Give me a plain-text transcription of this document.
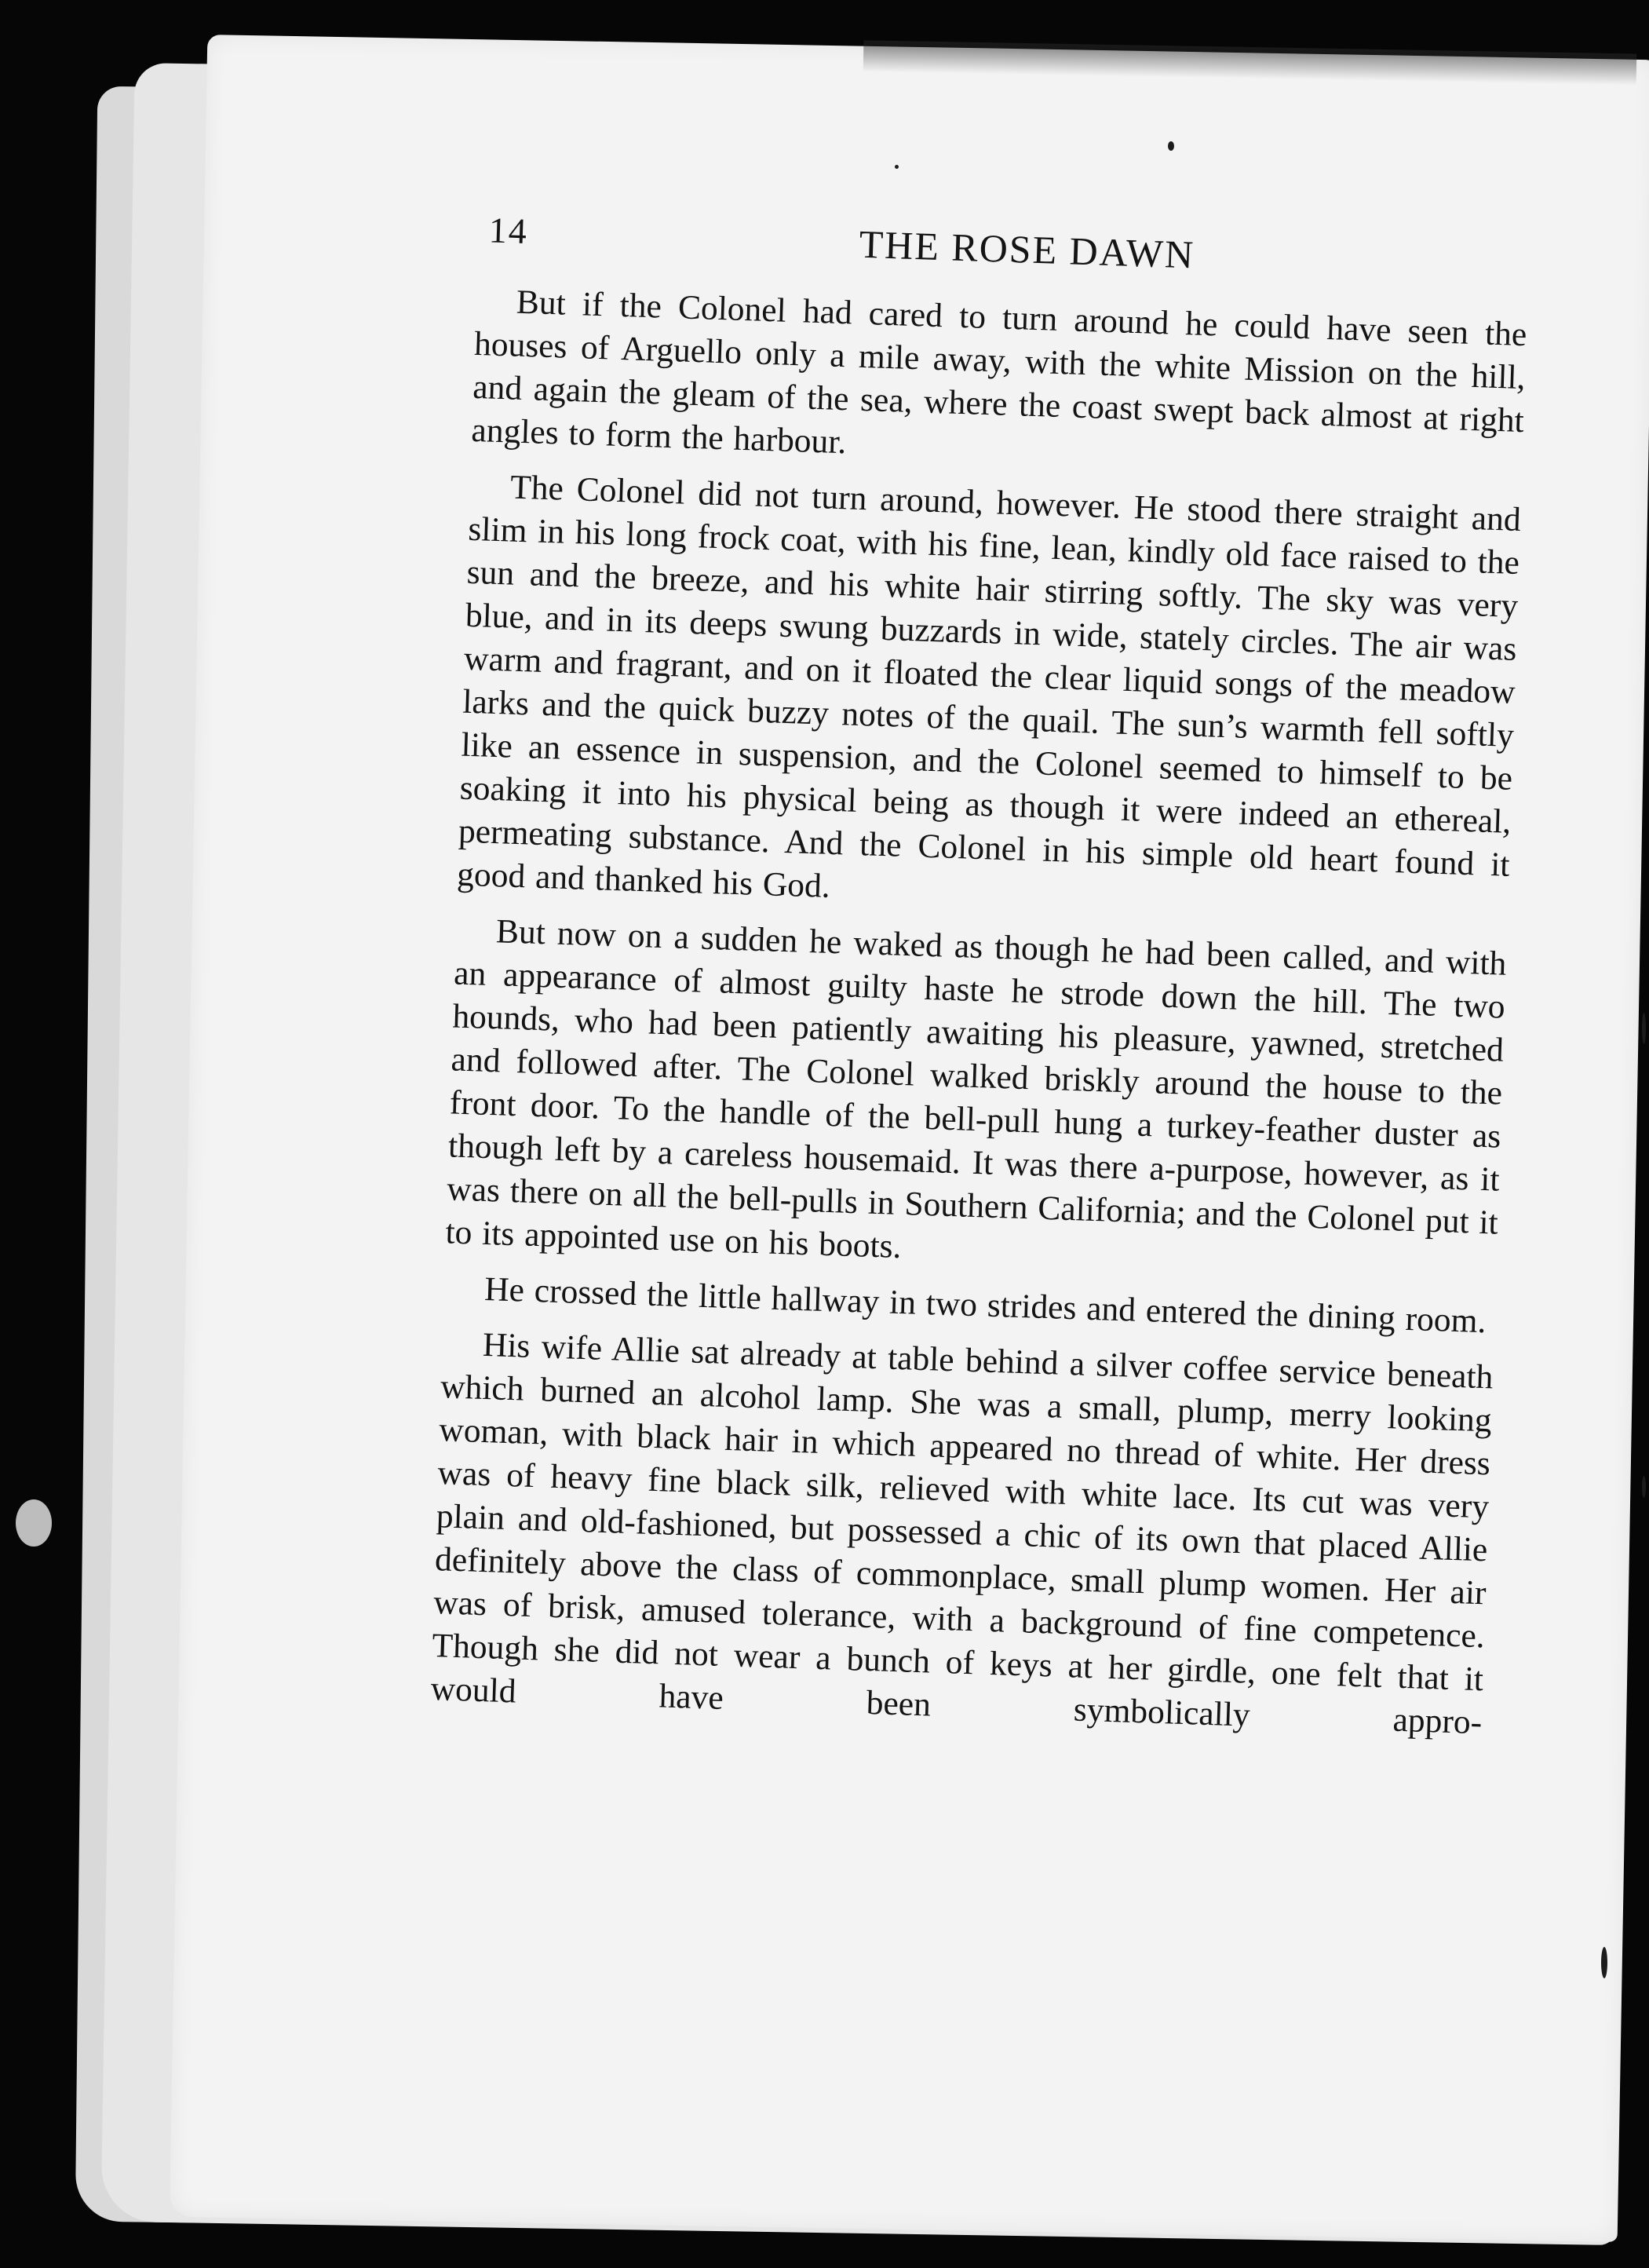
14	THE ROSE DAWN

But if the Colonel had cared to turn around he could have seen the houses of Arguello only a mile away, with the white Mission on the hill, and again the gleam of the sea, where the coast swept back almost at right angles to form the harbour.

The Colonel did not turn around, however. He stood there straight and slim in his long frock coat, with his fine, lean, kindly old face raised to the sun and the breeze, and his white hair stirring softly. The sky was very blue, and in its deeps swung buzzards in wide, stately circles. The air was warm and fragrant, and on it floated the clear liquid songs of the meadow larks and the quick buzzy notes of the quail. The sun’s warmth fell softly like an essence in suspension, and the Colonel seemed to himself to be soaking it into his physical being as though it were indeed an ethereal, permeating substance. And the Colonel in his simple old heart found it good and thanked his God.

But now on a sudden he waked as though he had been called, and with an appearance of almost guilty haste he strode down the hill. The two hounds, who had been patiently awaiting his pleasure, yawned, stretched and followed after. The Colonel walked briskly around the house to the front door. To the handle of the bell-pull hung a turkey-feather duster as though left by a careless housemaid. It was there a-purpose, however, as it was there on all the bell-pulls in Southern California; and the Colonel put it to its appointed use on his boots.

He crossed the little hallway in two strides and entered the dining room.

His wife Allie sat already at table behind a silver coffee service beneath which burned an alcohol lamp. She was a small, plump, merry looking woman, with black hair in which appeared no thread of white. Her dress was of heavy fine black silk, relieved with white lace. Its cut was very plain and old-fashioned, but possessed a chic of its own that placed Allie definitely above the class of commonplace, small plump women. Her air was of brisk, amused tolerance, with a background of fine competence. Though she did not wear a bunch of keys at her girdle, one felt that it would have been symbolically appro-
